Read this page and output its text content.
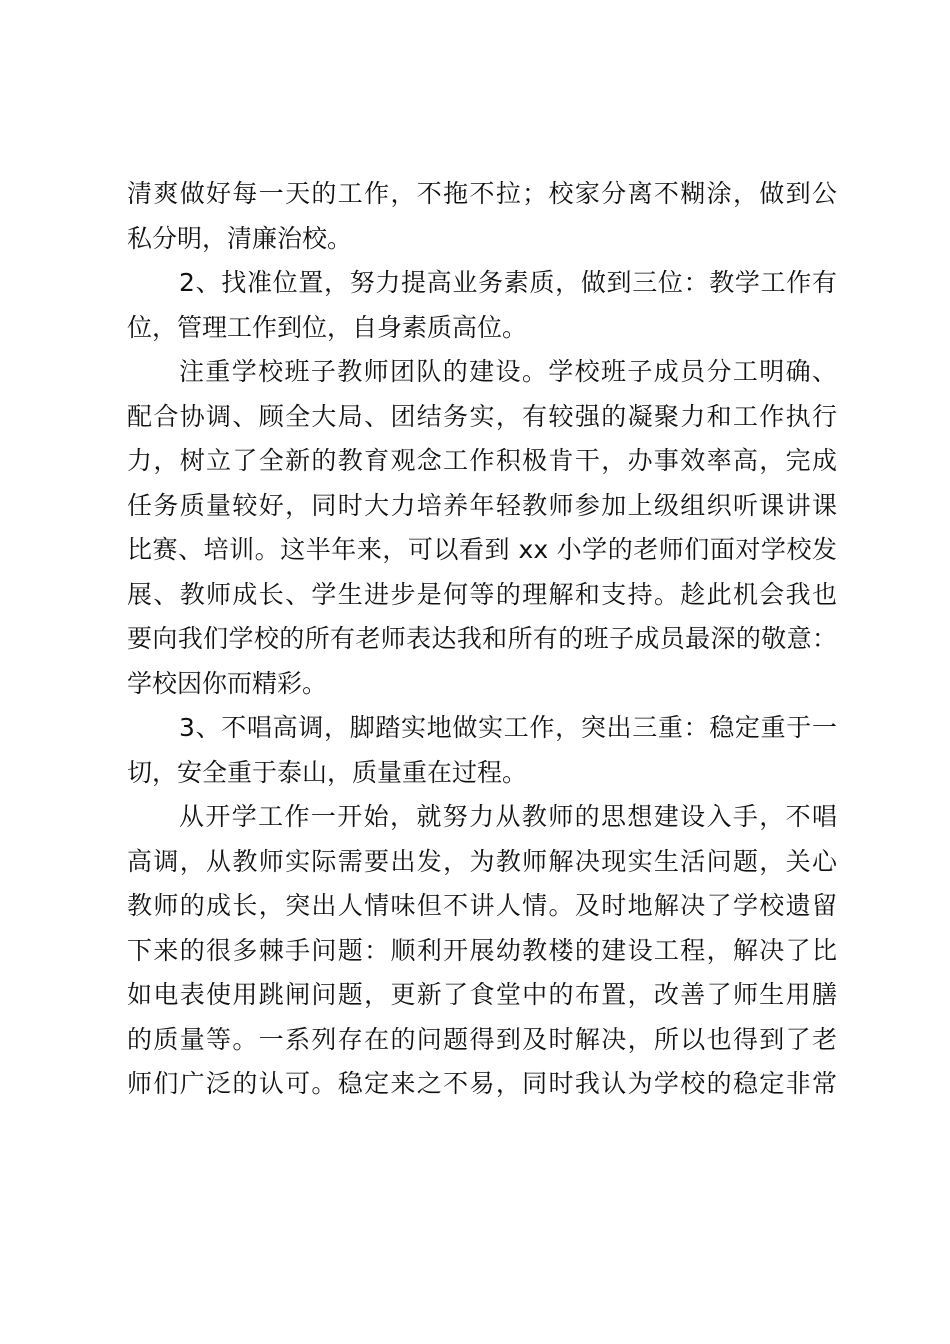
清爽做好每一天的工作，不拖不拉；校家分离不糊涂，做到公
私分明，清廉治校。

2、找准位置，努力提高业务素质，做到三位：教学工作有
位，管理工作到位，自身素质高位。

注重学校班子教师团队的建设。学校班子成员分工明确、
配合协调、顾全大局、团结务实，有较强的凝聚力和工作执行
力，树立了全新的教育观念工作积极肯干，办事效率高，完成
任务质量较好，同时大力培养年轻教师参加上级组织听课讲课
比赛、培训。这半年来，可以看到 xx 小学的老师们面对学校发
展、教师成长、学生进步是何等的理解和支持。趁此机会我也
要向我们学校的所有老师表达我和所有的班子成员最深的敬意：
学校因你而精彩。

3、不唱高调，脚踏实地做实工作，突出三重：稳定重于一
切，安全重于泰山，质量重在过程。

从开学工作一开始，就努力从教师的思想建设入手，不唱
高调，从教师实际需要出发，为教师解决现实生活问题，关心
教师的成长，突出人情味但不讲人情。及时地解决了学校遗留
下来的很多棘手问题：顺利开展幼教楼的建设工程，解决了比
如电表使用跳闸问题，更新了食堂中的布置，改善了师生用膳
的质量等。一系列存在的问题得到及时解决，所以也得到了老
师们广泛的认可。稳定来之不易，同时我认为学校的稳定非常
